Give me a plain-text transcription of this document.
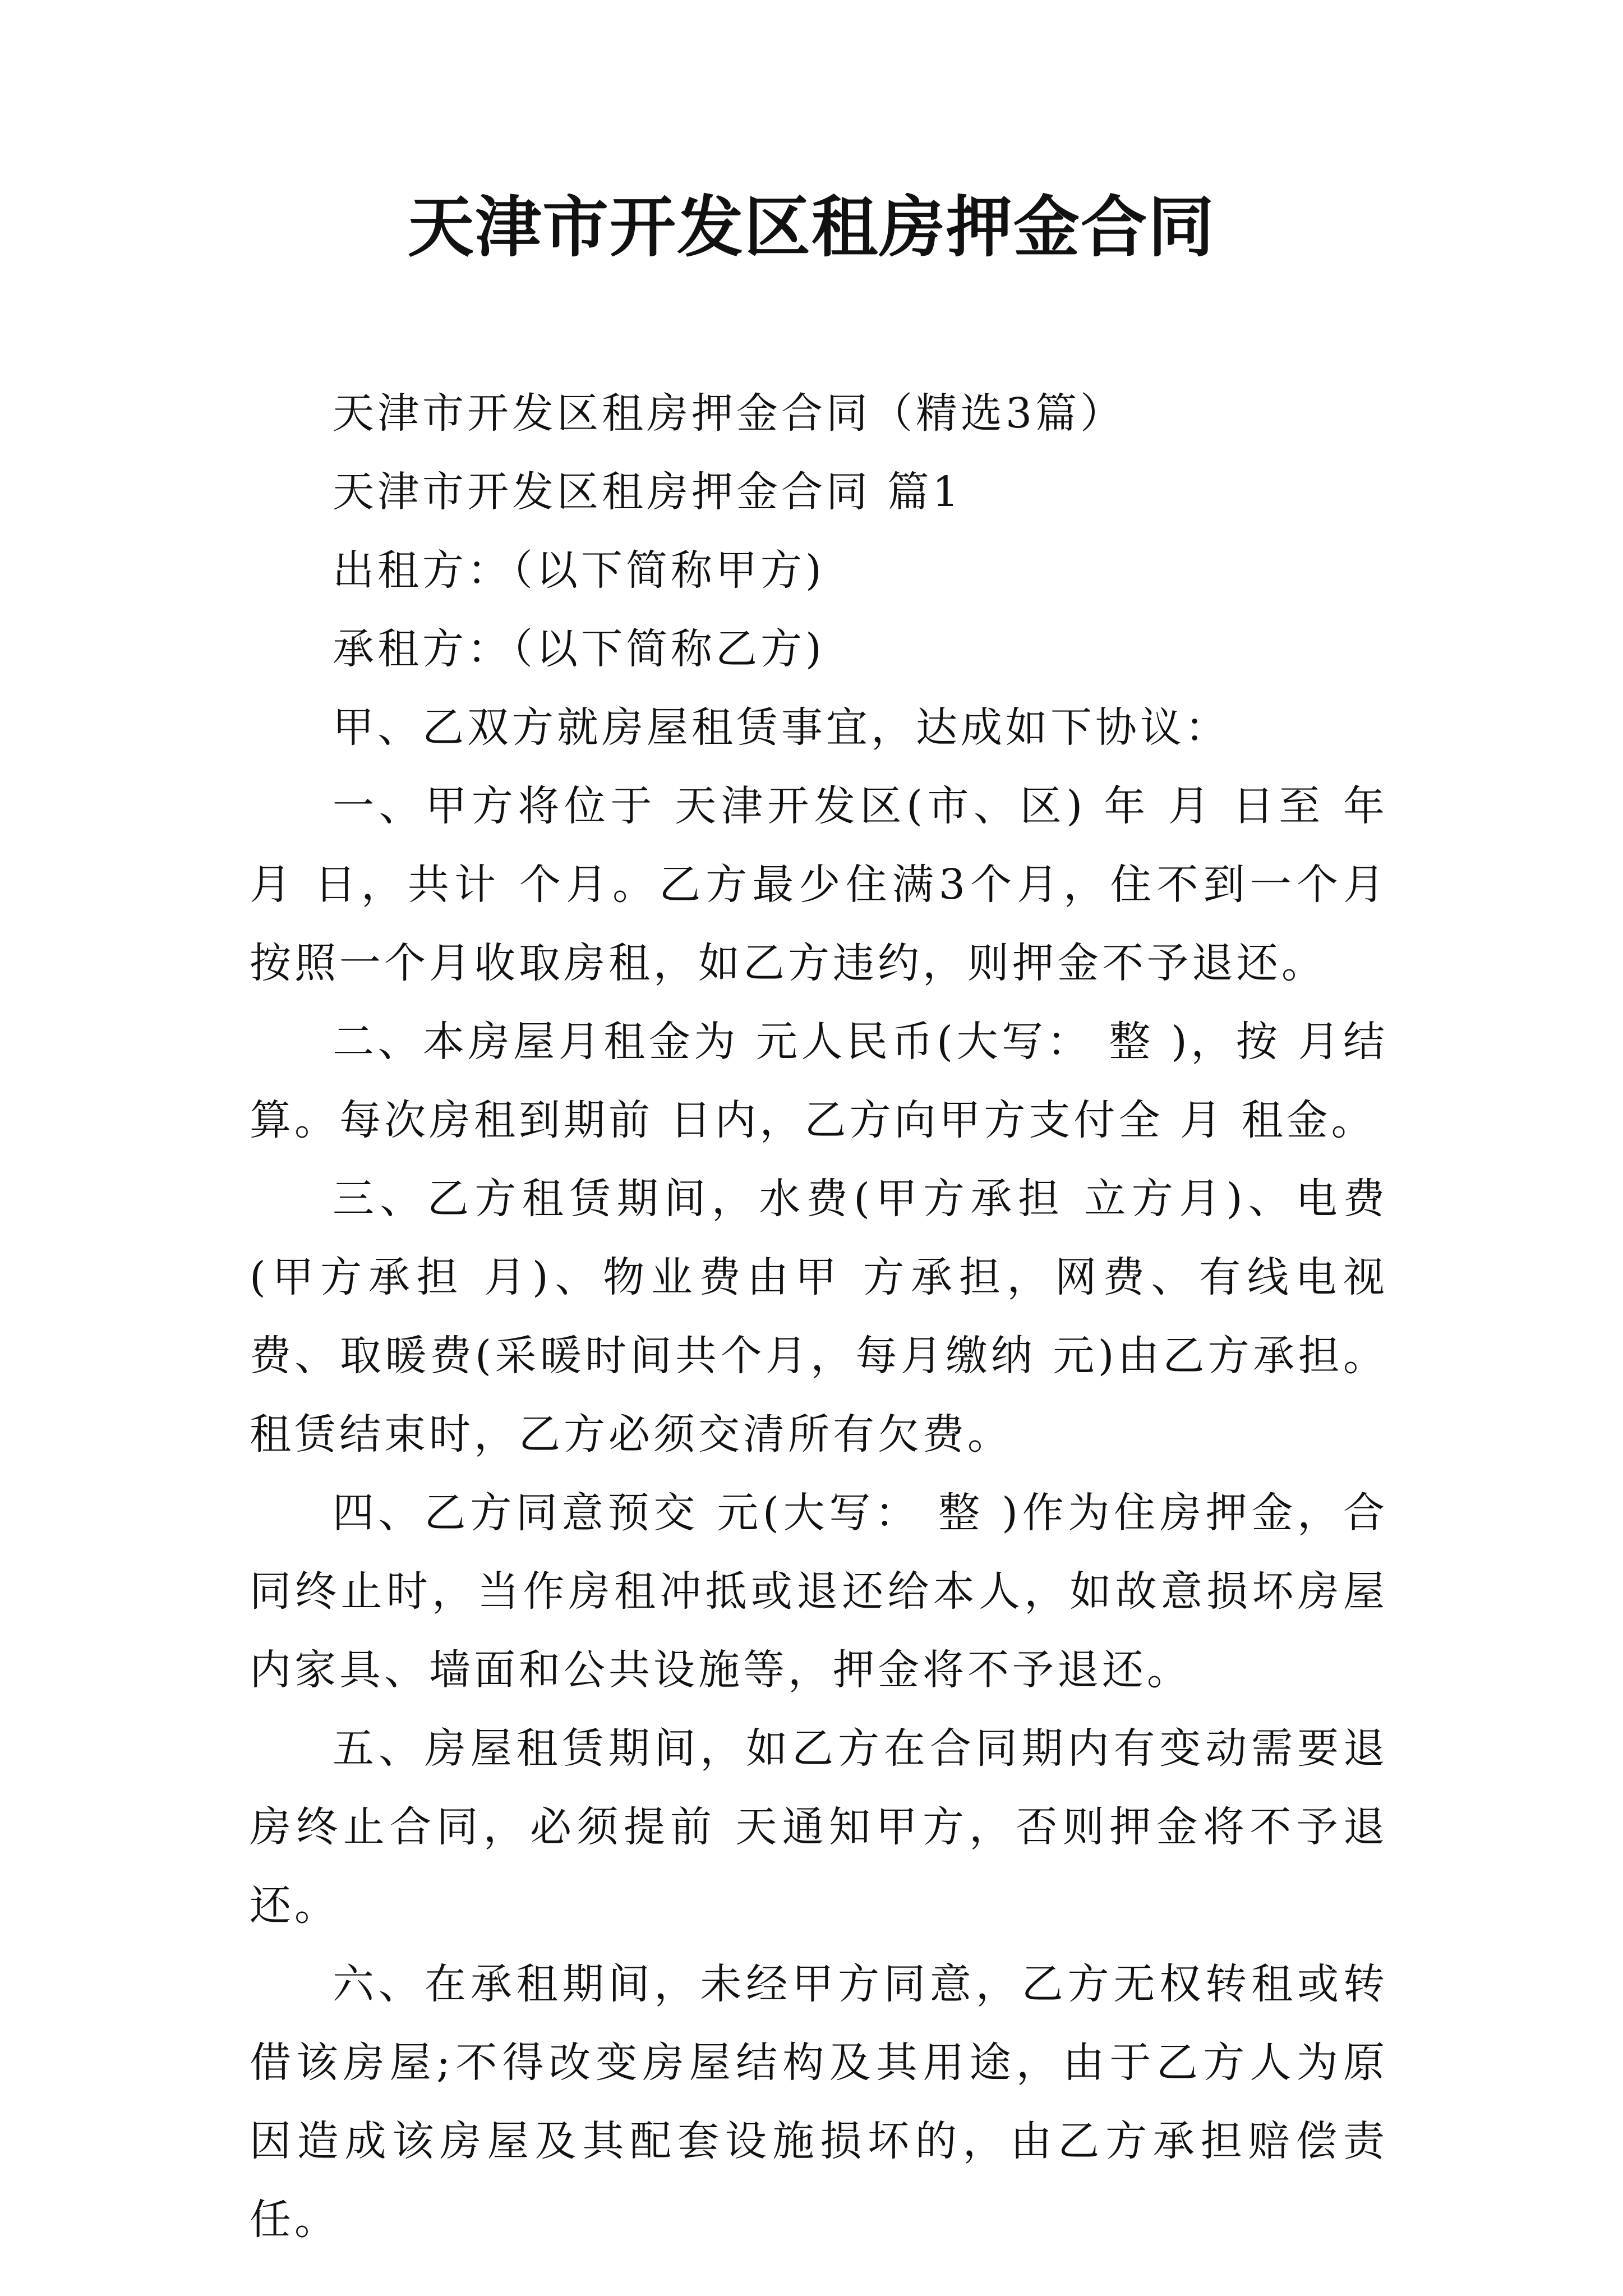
天津市开发区租房押金合同

天津市开发区租房押金合同（精选3篇）

天津市开发区租房押金合同 篇1

出租方：（以下简称甲方)

承租方：（以下简称乙方)

甲、乙双方就房屋租赁事宜，达成如下协议：

一、甲方将位于 天津开发区(市、区) 年 月 日至 年 月 日，共计 个月。乙方最少住满3个月，住不到一个月按照一个月收取房租，如乙方违约，则押金不予退还。

二、本房屋月租金为 元人民币(大写： 整 )，按 月结算。每次房租到期前 日内，乙方向甲方支付全 月 租金。

三、乙方租赁期间，水费(甲方承担 立方月)、电费(甲方承担 月)、物业费由甲 方承担，网费、有线电视费、取暖费(采暖时间共个月，每月缴纳 元)由乙方承担。租赁结束时，乙方必须交清所有欠费。

四、乙方同意预交 元(大写： 整 )作为住房押金，合同终止时，当作房租冲抵或退还给本人，如故意损坏房屋内家具、墙面和公共设施等，押金将不予退还。

五、房屋租赁期间，如乙方在合同期内有变动需要退房终止合同，必须提前 天通知甲方，否则押金将不予退还。

六、在承租期间，未经甲方同意，乙方无权转租或转借该房屋;不得改变房屋结构及其用途，由于乙方人为原因造成该房屋及其配套设施损坏的，由乙方承担赔偿责任。
